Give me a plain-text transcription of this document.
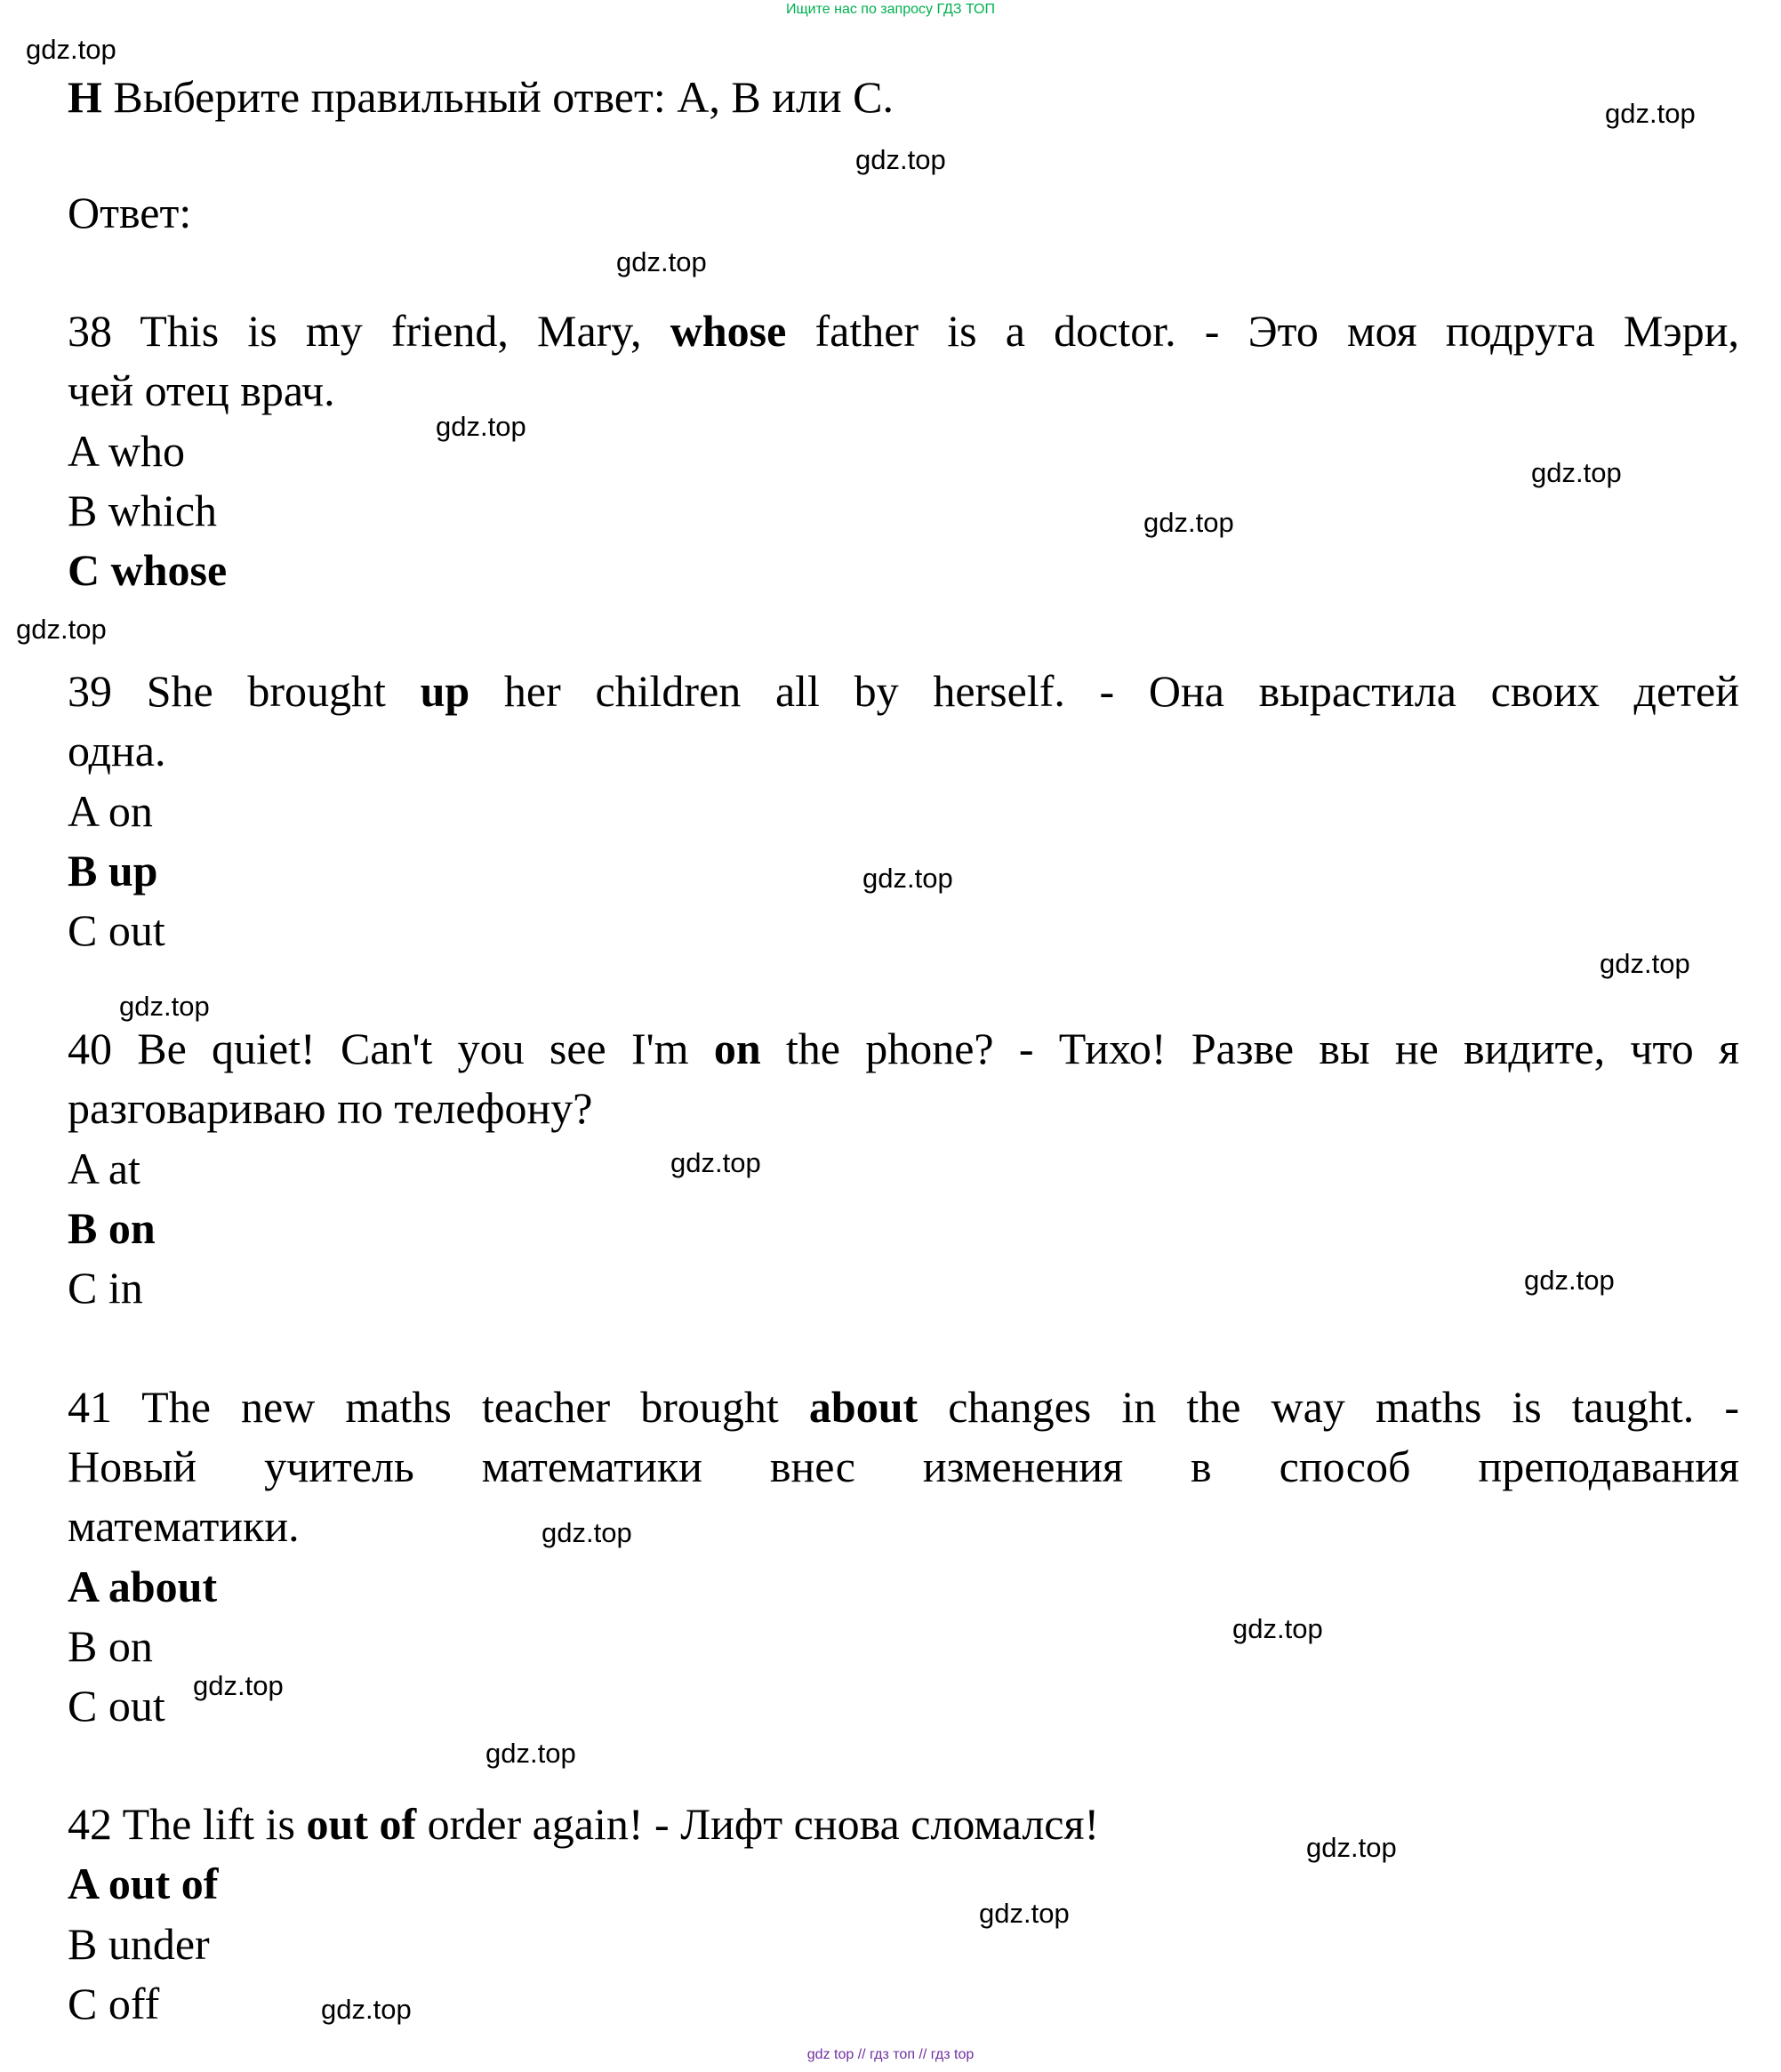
Ищите нас по запросу ГДЗ ТОП
gdz.top
gdz.top
gdz.top
gdz.top
gdz.top
gdz.top
gdz.top
gdz.top
gdz.top
gdz.top
gdz.top
gdz.top
gdz.top
gdz.top
gdz.top
gdz.top
gdz.top
gdz.top
gdz.top
gdz.top
Н Выберите правильный ответ: A, B или C.
Ответ:
38 This is my friend, Mary, whose father is a doctor. - Это моя подруга Мэри,
чей отец врач.
A who
B which
C whose
39 She brought up her children all by herself. - Она вырастила своих детей
одна.
A on
B up
C out
40 Be quiet! Can't you see I'm on the phone? - Тихо! Разве вы не видите, что я
разговариваю по телефону?
A at
B on
C in
41 The new maths teacher brought about changes in the way maths is taught. -
Новый учитель математики внес изменения в способ преподавания
математики.
A about
B on
C out
42 The lift is out of order again! - Лифт снова сломался!
A out of
B under
C off
gdz top // гдз топ // гдз top
